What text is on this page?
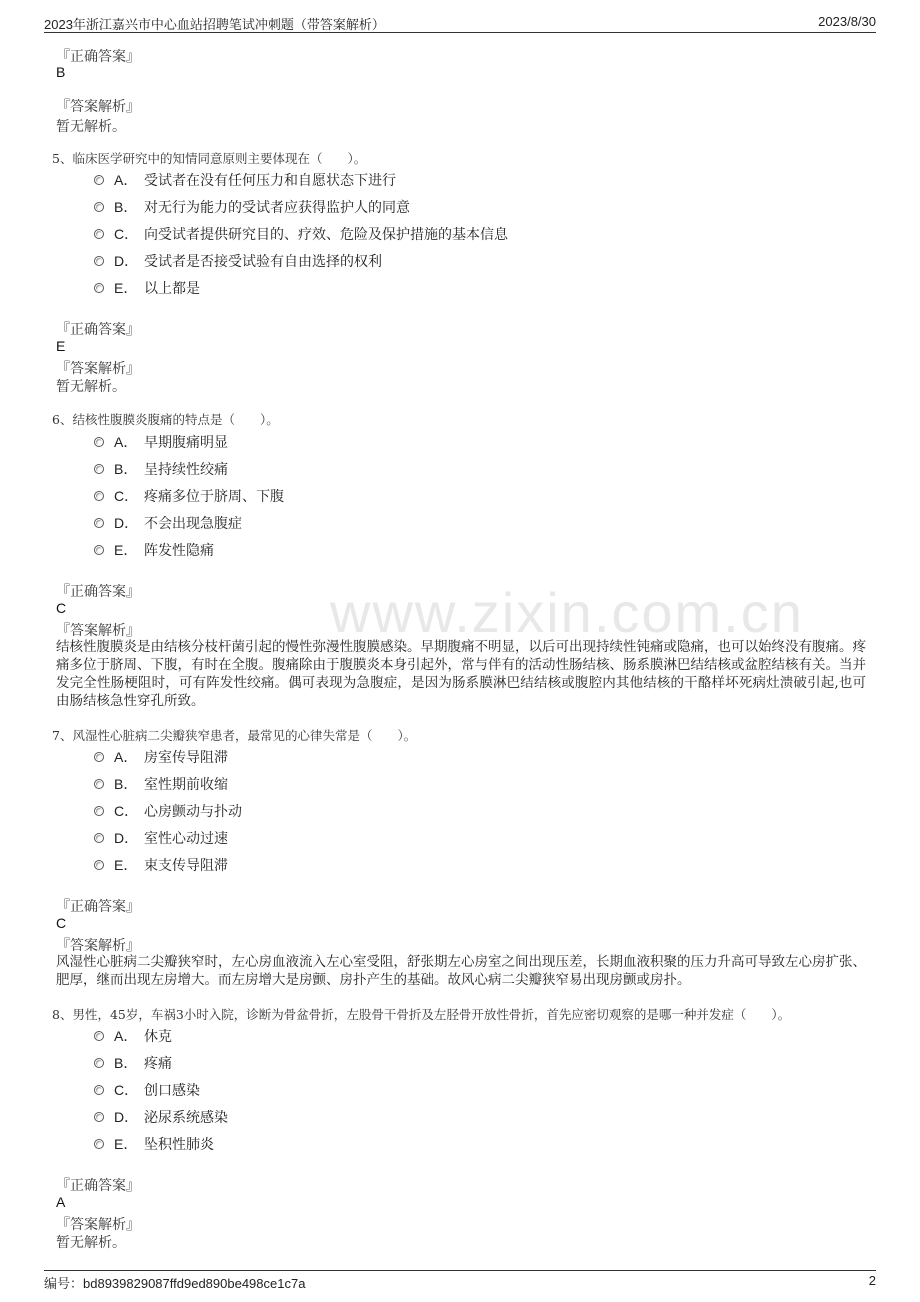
2023年浙江嘉兴市中心血站招聘笔试冲刺题（带答案解析）	2023/8/30
www.zixin.com.cn
『正确答案』
B
『答案解析』
暂无解析。
5、临床医学研究中的知情同意原则主要体现在（　　）。
A． 受试者在没有任何压力和自愿状态下进行
B． 对无行为能力的受试者应获得监护人的同意
C． 向受试者提供研究目的、疗效、危险及保护措施的基本信息
D． 受试者是否接受试验有自由选择的权利
E． 以上都是
『正确答案』
E
『答案解析』
暂无解析。
6、结核性腹膜炎腹痛的特点是（　　）。
A． 早期腹痛明显
B． 呈持续性绞痛
C． 疼痛多位于脐周、下腹
D． 不会出现急腹症
E． 阵发性隐痛
『正确答案』
C
『答案解析』
结核性腹膜炎是由结核分枝杆菌引起的慢性弥漫性腹膜感染。早期腹痛不明显，以后可出现持续性钝痛或隐痛，也可以始终没有腹痛。疼痛多位于脐周、下腹，有时在全腹。腹痛除由于腹膜炎本身引起外，常与伴有的活动性肠结核、肠系膜淋巴结结核或盆腔结核有关。当并发完全性肠梗阻时，可有阵发性绞痛。偶可表现为急腹症，是因为肠系膜淋巴结结核或腹腔内其他结核的干酪样坏死病灶溃破引起,也可由肠结核急性穿孔所致。
7、风湿性心脏病二尖瓣狭窄患者，最常见的心律失常是（　　）。
A． 房室传导阻滞
B． 室性期前收缩
C． 心房颤动与扑动
D． 室性心动过速
E． 束支传导阻滞
『正确答案』
C
『答案解析』
风湿性心脏病二尖瓣狭窄时，左心房血液流入左心室受阻，舒张期左心房室之间出现压差，长期血液积聚的压力升高可导致左心房扩张、肥厚，继而出现左房增大。而左房增大是房颤、房扑产生的基础。故风心病二尖瓣狭窄易出现房颤或房扑。
8、男性，45岁，车祸3小时入院，诊断为骨盆骨折，左股骨干骨折及左胫骨开放性骨折，首先应密切观察的是哪一种并发症（　　）。
A． 休克
B． 疼痛
C． 创口感染
D． 泌尿系统感染
E． 坠积性肺炎
『正确答案』
A
『答案解析』
暂无解析。
编号：bd8939829087ffd9ed890be498ce1c7a	2
